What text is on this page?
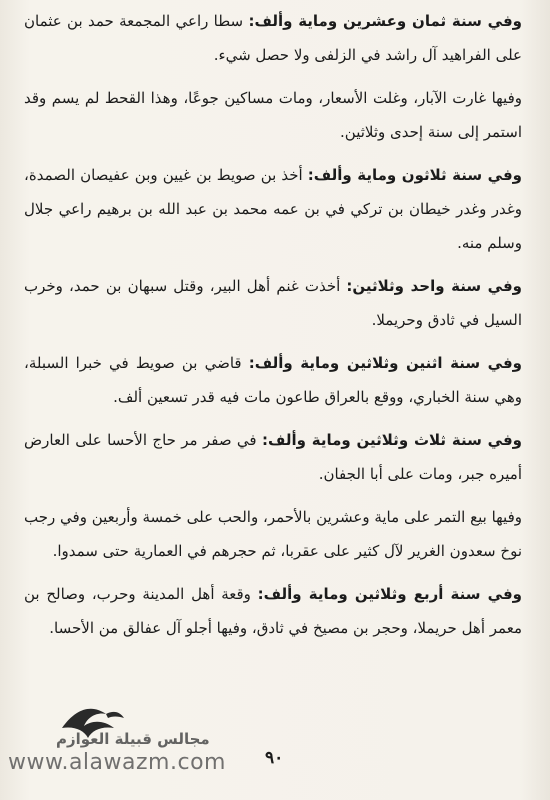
وفي سنة ثمان وعشرين وماية وألف: سطا راعي المجمعة حمد بن عثمان على الفراهيد آل راشد في الزلفى ولا حصل شيء.

وفيها غارت الآبار، وغلت الأسعار، ومات مساكين جوعًا، وهذا القحط لم يسم وقد استمر إلى سنة إحدى وثلاثين.

وفي سنة ثلاثون وماية وألف: أخذ بن صويط بن غيين وبن عفيصان الصمدة، وغدر وغدر خيطان بن تركي في بن عمه محمد بن عبد الله بن برهيم راعي جلال وسلم منه.

وفي سنة واحد وثلاثين: أخذت غنم أهل البير، وقتل سبهان بن حمد، وخرب السيل في ثادق وحريملا.

وفي سنة اثنين وثلاثين وماية وألف: قاضي بن صويط في خبرا السبلة، وهي سنة الخباري، ووقع بالعراق طاعون مات فيه قدر تسعين ألف.

وفي سنة ثلاث وثلاثين وماية وألف: في صفر مر حاج الأحسا على العارض أميره جبر، ومات على أبا الجفان.

وفيها بيع التمر على ماية وعشرين بالأحمر، والحب على خمسة وأربعين وفي رجب نوخ سعدون الغرير لآل كثير على عقربا، ثم حجرهم في العمارية حتى سمدوا.

وفي سنة أربع وثلاثين وماية وألف: وقعة أهل المدينة وحرب، وصالح بن معمر أهل حريملا، وحجر بن مصيخ في ثادق، وفيها أجلو آل عفالق من الأحسا.

مجالس قبيلة العوازم
www.alawazm.com ٩٠
